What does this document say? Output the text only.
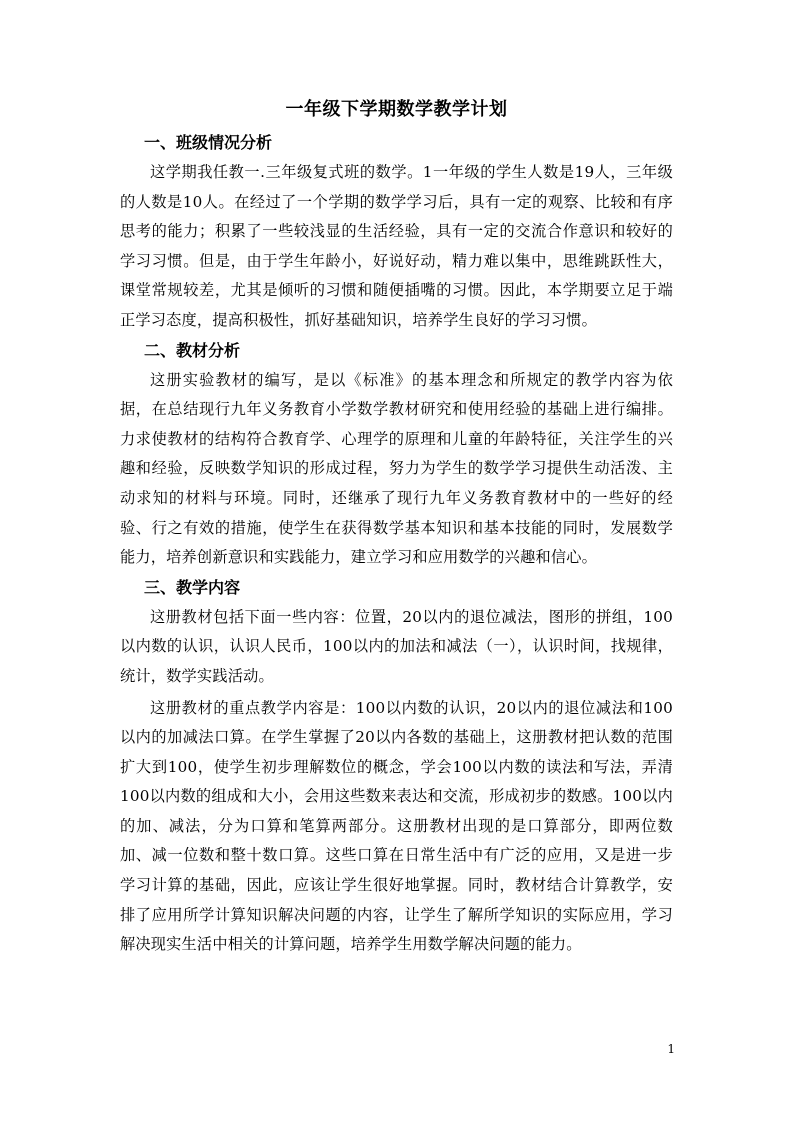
一年级下学期数学教学计划
一、班级情况分析

这学期我任教一.三年级复式班的数学。1一年级的学生人数是19人，三年级的人数是10人。在经过了一个学期的数学学习后，具有一定的观察、比较和有序思考的能力；积累了一些较浅显的生活经验，具有一定的交流合作意识和较好的学习习惯。但是，由于学生年龄小，好说好动，精力难以集中，思维跳跃性大，课堂常规较差，尤其是倾听的习惯和随便插嘴的习惯。因此，本学期要立足于端正学习态度，提高积极性，抓好基础知识，培养学生良好的学习习惯。

二、教材分析

这册实验教材的编写，是以《标准》的基本理念和所规定的教学内容为依据，在总结现行九年义务教育小学数学教材研究和使用经验的基础上进行编排。力求使教材的结构符合教育学、心理学的原理和儿童的年龄特征，关注学生的兴趣和经验，反映数学知识的形成过程，努力为学生的数学学习提供生动活泼、主动求知的材料与环境。同时，还继承了现行九年义务教育教材中的一些好的经验、行之有效的措施，使学生在获得数学基本知识和基本技能的同时，发展数学能力，培养创新意识和实践能力，建立学习和应用数学的兴趣和信心。

三、教学内容

这册教材包括下面一些内容：位置，20以内的退位减法，图形的拼组，100以内数的认识，认识人民币，100以内的加法和减法（一），认识时间，找规律，统计，数学实践活动。

这册教材的重点教学内容是：100以内数的认识，20以内的退位减法和100以内的加减法口算。在学生掌握了20以内各数的基础上，这册教材把认数的范围扩大到100，使学生初步理解数位的概念，学会100以内数的读法和写法，弄清100以内数的组成和大小，会用这些数来表达和交流，形成初步的数感。100以内的加、减法，分为口算和笔算两部分。这册教材出现的是口算部分，即两位数加、减一位数和整十数口算。这些口算在日常生活中有广泛的应用，又是进一步学习计算的基础，因此，应该让学生很好地掌握。同时，教材结合计算教学，安排了应用所学计算知识解决问题的内容，让学生了解所学知识的实际应用，学习解决现实生活中相关的计算问题，培养学生用数学解决问题的能力。

1
